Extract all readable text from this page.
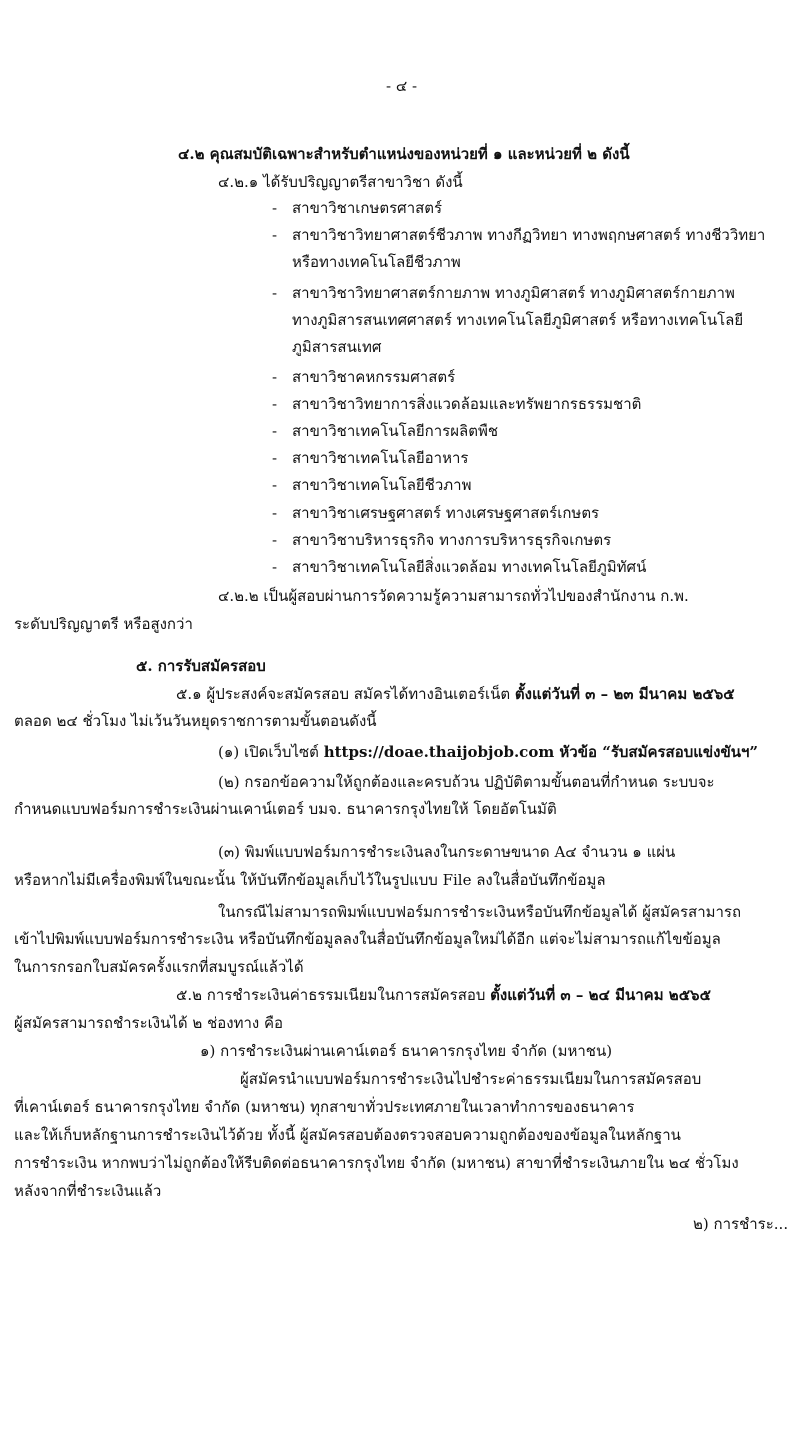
- ๔ -
๔.๒ คุณสมบัติเฉพาะสำหรับตำแหน่งของหน่วยที่ ๑ และหน่วยที่ ๒ ดังนี้
๔.๒.๑ ได้รับปริญญาตรีสาขาวิชา ดังนี้
- สาขาวิชาเกษตรศาสตร์
- สาขาวิชาวิทยาศาสตร์ชีวภาพ ทางกีฏวิทยา ทางพฤกษศาสตร์ ทางชีววิทยา
หรือทางเทคโนโลยีชีวภาพ
- สาขาวิชาวิทยาศาสตร์กายภาพ ทางภูมิศาสตร์ ทางภูมิศาสตร์กายภาพ
ทางภูมิสารสนเทศศาสตร์ ทางเทคโนโลยีภูมิศาสตร์ หรือทางเทคโนโลยี
ภูมิสารสนเทศ
- สาขาวิชาคหกรรมศาสตร์
- สาขาวิชาวิทยาการสิ่งแวดล้อมและทรัพยากรธรรมชาติ
- สาขาวิชาเทคโนโลยีการผลิตพืช
- สาขาวิชาเทคโนโลยีอาหาร
- สาขาวิชาเทคโนโลยีชีวภาพ
- สาขาวิชาเศรษฐศาสตร์ ทางเศรษฐศาสตร์เกษตร
- สาขาวิชาบริหารธุรกิจ ทางการบริหารธุรกิจเกษตร
- สาขาวิชาเทคโนโลยีสิ่งแวดล้อม ทางเทคโนโลยีภูมิทัศน์
๔.๒.๒ เป็นผู้สอบผ่านการวัดความรู้ความสามารถทั่วไปของสำนักงาน ก.พ.
ระดับปริญญาตรี หรือสูงกว่า
๕. การรับสมัครสอบ
๕.๑ ผู้ประสงค์จะสมัครสอบ สมัครได้ทางอินเตอร์เน็ต ตั้งแต่วันที่ ๓ – ๒๓ มีนาคม ๒๕๖๕
ตลอด ๒๔ ชั่วโมง ไม่เว้นวันหยุดราชการตามขั้นตอนดังนี้
(๑) เปิดเว็บไซต์ https://doae.thaijobjob.com หัวข้อ “รับสมัครสอบแข่งขันฯ”
(๒) กรอกข้อความให้ถูกต้องและครบถ้วน ปฏิบัติตามขั้นตอนที่กำหนด ระบบจะ
กำหนดแบบฟอร์มการชำระเงินผ่านเคาน์เตอร์ บมจ. ธนาคารกรุงไทยให้ โดยอัตโนมัติ
(๓) พิมพ์แบบฟอร์มการชำระเงินลงในกระดาษขนาด A๔ จำนวน ๑ แผ่น
หรือหากไม่มีเครื่องพิมพ์ในขณะนั้น ให้บันทึกข้อมูลเก็บไว้ในรูปแบบ File ลงในสื่อบันทึกข้อมูล
ในกรณีไม่สามารถพิมพ์แบบฟอร์มการชำระเงินหรือบันทึกข้อมูลได้ ผู้สมัครสามารถ
เข้าไปพิมพ์แบบฟอร์มการชำระเงิน หรือบันทึกข้อมูลลงในสื่อบันทึกข้อมูลใหม่ได้อีก แต่จะไม่สามารถแก้ไขข้อมูล
ในการกรอกใบสมัครครั้งแรกที่สมบูรณ์แล้วได้
๕.๒ การชำระเงินค่าธรรมเนียมในการสมัครสอบ ตั้งแต่วันที่ ๓ – ๒๔ มีนาคม ๒๕๖๕
ผู้สมัครสามารถชำระเงินได้ ๒ ช่องทาง คือ
๑) การชำระเงินผ่านเคาน์เตอร์ ธนาคารกรุงไทย จำกัด (มหาชน)
ผู้สมัครนำแบบฟอร์มการชำระเงินไปชำระค่าธรรมเนียมในการสมัครสอบ
ที่เคาน์เตอร์ ธนาคารกรุงไทย จำกัด (มหาชน) ทุกสาขาทั่วประเทศภายในเวลาทำการของธนาคาร
และให้เก็บหลักฐานการชำระเงินไว้ด้วย ทั้งนี้ ผู้สมัครสอบต้องตรวจสอบความถูกต้องของข้อมูลในหลักฐาน
การชำระเงิน หากพบว่าไม่ถูกต้องให้รีบติดต่อธนาคารกรุงไทย จำกัด (มหาชน) สาขาที่ชำระเงินภายใน ๒๔ ชั่วโมง
หลังจากที่ชำระเงินแล้ว
๒) การชำระ...
